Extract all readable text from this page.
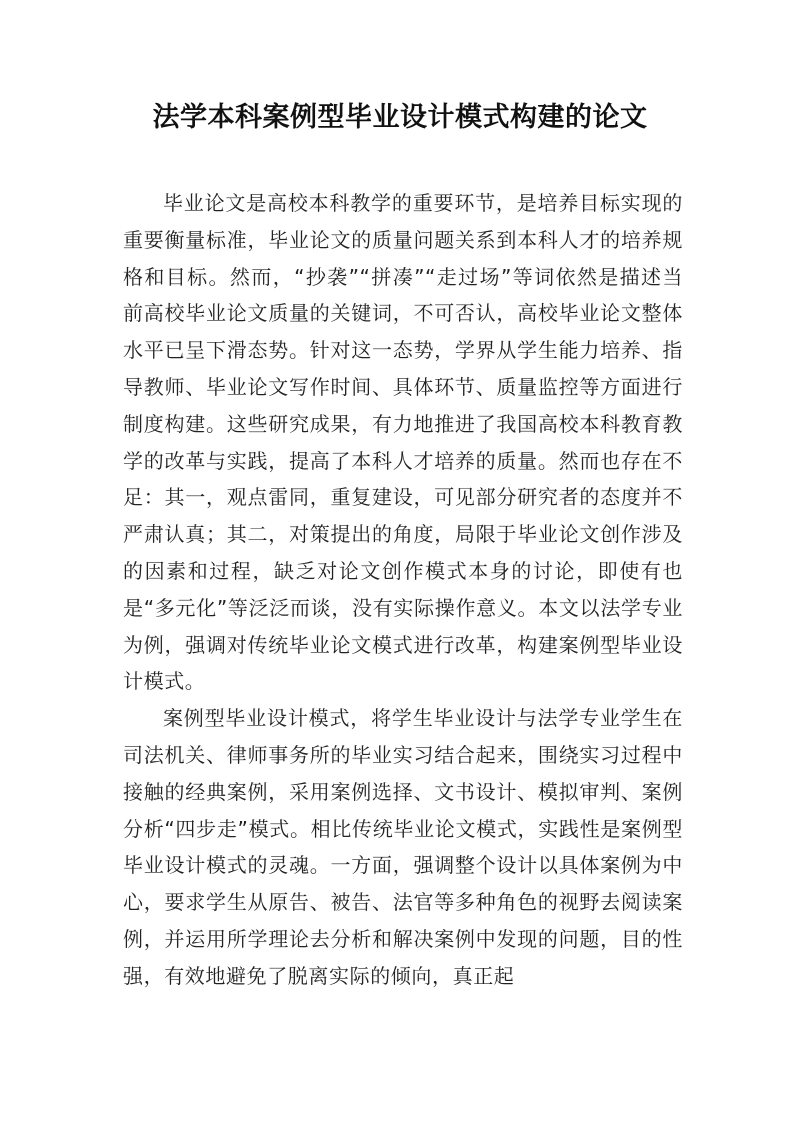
法学本科案例型毕业设计模式构建的论文

毕业论文是高校本科教学的重要环节，是培养目标实现的重要衡量标准，毕业论文的质量问题关系到本科人才的培养规格和目标。然而，“抄袭”“拼凑”“走过场”等词依然是描述当前高校毕业论文质量的关键词，不可否认，高校毕业论文整体水平已呈下滑态势。针对这一态势，学界从学生能力培养、指导教师、毕业论文写作时间、具体环节、质量监控等方面进行制度构建。这些研究成果，有力地推进了我国高校本科教育教学的改革与实践，提高了本科人才培养的质量。然而也存在不足：其一，观点雷同，重复建设，可见部分研究者的态度并不严肃认真；其二，对策提出的角度，局限于毕业论文创作涉及的因素和过程，缺乏对论文创作模式本身的讨论，即使有也是“多元化”等泛泛而谈，没有实际操作意义。本文以法学专业为例，强调对传统毕业论文模式进行改革，构建案例型毕业设计模式。

案例型毕业设计模式，将学生毕业设计与法学专业学生在司法机关、律师事务所的毕业实习结合起来，围绕实习过程中接触的经典案例，采用案例选择、文书设计、模拟审判、案例分析“四步走”模式。相比传统毕业论文模式，实践性是案例型毕业设计模式的灵魂。一方面，强调整个设计以具体案例为中心，要求学生从原告、被告、法官等多种角色的视野去阅读案例，并运用所学理论去分析和解决案例中发现的问题，目的性强，有效地避免了脱离实际的倾向，真正起
